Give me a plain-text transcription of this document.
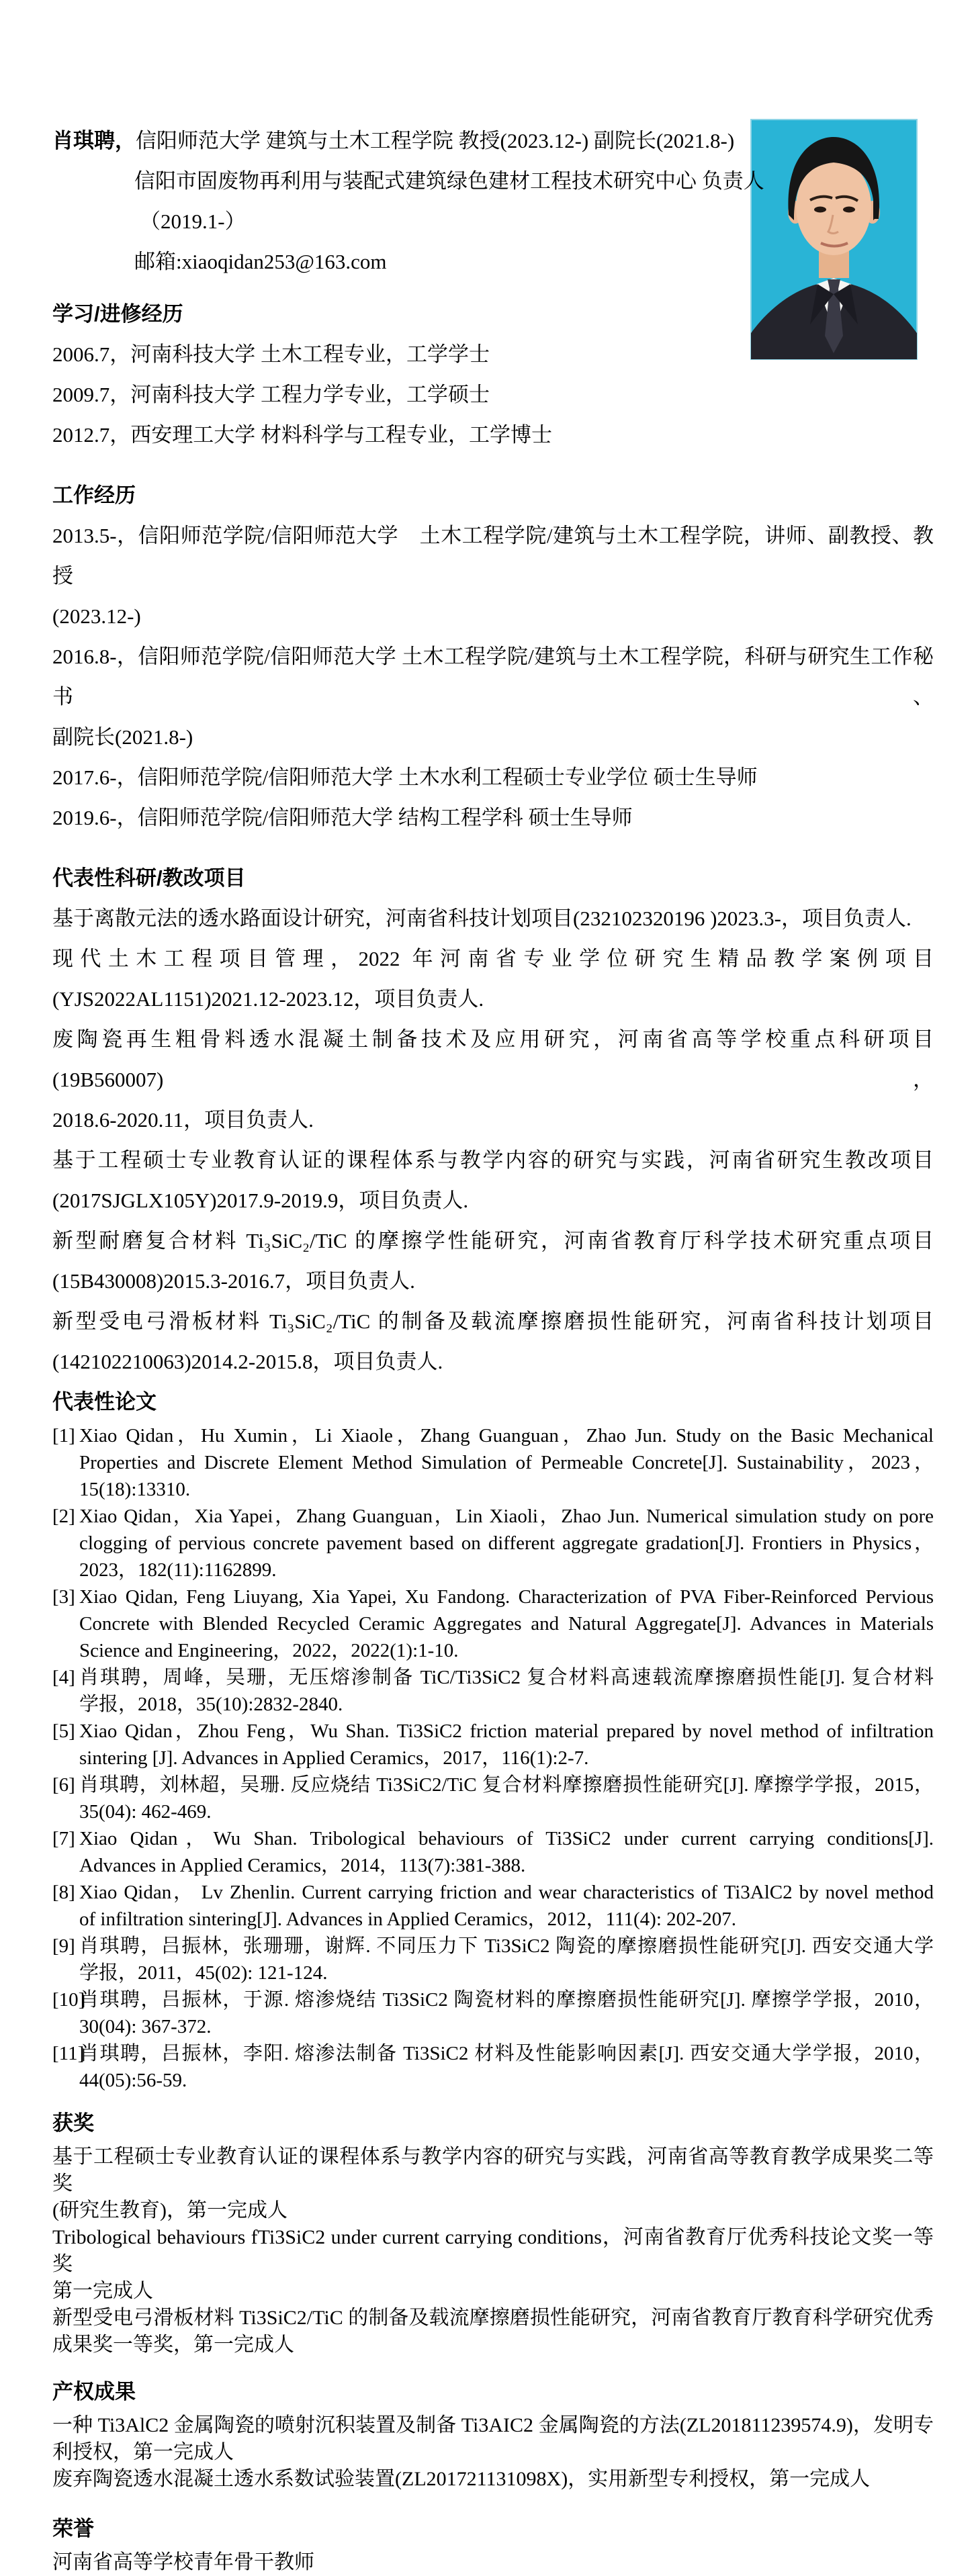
肖琪聘，信阳师范大学 建筑与土木工程学院 教授(2023.12-) 副院长(2021.8-)
信阳市固废物再利用与装配式建筑绿色建材工程技术研究中心 负责人
（2019.1-）
邮箱:xiaoqidan253@163.com
学习/进修经历
2006.7，河南科技大学 土木工程专业，工学学士
2009.7，河南科技大学 工程力学专业，工学硕士
2012.7，西安理工大学 材料科学与工程专业，工学博士
工作经历
2013.5-，信阳师范学院/信阳师范大学　土木工程学院/建筑与土木工程学院，讲师、副教授、教授
(2023.12-)
2016.8-，信阳师范学院/信阳师范大学 土木工程学院/建筑与土木工程学院，科研与研究生工作秘书、
副院长(2021.8-)
2017.6-，信阳师范学院/信阳师范大学 土木水利工程硕士专业学位 硕士生导师
2019.6-，信阳师范学院/信阳师范大学 结构工程学科 硕士生导师
代表性科研/教改项目
基于离散元法的透水路面设计研究，河南省科技计划项目(232102320196 )2023.3-，项目负责人.
现代土木工程项目管理，2022 年河南省专业学位研究生精品教学案例项目
(YJS2022AL1151)2021.12-2023.12，项目负责人.
废陶瓷再生粗骨料透水混凝土制备技术及应用研究，河南省高等学校重点科研项目(19B560007)，
2018.6-2020.11，项目负责人.
基于工程硕士专业教育认证的课程体系与教学内容的研究与实践，河南省研究生教改项目
(2017SJGLX105Y)2017.9-2019.9，项目负责人.
新型耐磨复合材料 Ti₃SiC₂/TiC 的摩擦学性能研究，河南省教育厅科学技术研究重点项目
(15B430008)2015.3-2016.7，项目负责人.
新型受电弓滑板材料 Ti₃SiC₂/TiC 的制备及载流摩擦磨损性能研究，河南省科技计划项目
(142102210063)2014.2-2015.8，项目负责人.
代表性论文
[1] Xiao Qidan，Hu Xumin，Li Xiaole，Zhang Guanguan，Zhao Jun. Study on the Basic Mechanical
Properties and Discrete Element Method Simulation of Permeable Concrete[J]. Sustainability，2023，
15(18):13310.
[2] Xiao Qidan，Xia Yapei，Zhang Guanguan，Lin Xiaoli，Zhao Jun. Numerical simulation study on pore
clogging of pervious concrete pavement based on different aggregate gradation[J]. Frontiers in Physics，
2023，182(11):1162899.
[3] Xiao Qidan, Feng Liuyang, Xia Yapei, Xu Fandong. Characterization of PVA Fiber-Reinforced Pervious
Concrete with Blended Recycled Ceramic Aggregates and Natural Aggregate[J]. Advances in Materials
Science and Engineering，2022，2022(1):1-10.
[4] 肖琪聘，周峰，吴珊，无压熔渗制备 TiC/Ti3SiC2 复合材料高速载流摩擦磨损性能[J]. 复合材料
学报，2018，35(10):2832-2840.
[5] Xiao Qidan，Zhou Feng，Wu Shan. Ti3SiC2 friction material prepared by novel method of infiltration
sintering [J]. Advances in Applied Ceramics，2017，116(1):2-7.
[6] 肖琪聘，刘林超，吴珊. 反应烧结 Ti3SiC2/TiC 复合材料摩擦磨损性能研究[J]. 摩擦学学报，2015，
35(04): 462-469.
[7] Xiao Qidan，Wu Shan. Tribological behaviours of Ti3SiC2 under current carrying conditions[J].
Advances in Applied Ceramics，2014，113(7):381-388.
[8] Xiao Qidan， Lv Zhenlin. Current carrying friction and wear characteristics of Ti3AlC2 by novel method
of infiltration sintering[J]. Advances in Applied Ceramics，2012，111(4): 202-207.
[9] 肖琪聘，吕振林，张珊珊，谢辉. 不同压力下 Ti3SiC2 陶瓷的摩擦磨损性能研究[J]. 西安交通大学
学报，2011，45(02): 121-124.
[10]
肖琪聘，吕振林，于源. 熔渗烧结 Ti3SiC2 陶瓷材料的摩擦磨损性能研究[J]. 摩擦学学报，2010，
30(04): 367-372.
[11]
肖琪聘，吕振林，李阳. 熔渗法制备 Ti3SiC2 材料及性能影响因素[J]. 西安交通大学学报，2010，
44(05):56-59.
获奖
基于工程硕士专业教育认证的课程体系与教学内容的研究与实践，河南省高等教育教学成果奖二等奖
(研究生教育)，第一完成人
Tribological behaviours fTi3SiC2 under current carrying conditions，河南省教育厅优秀科技论文奖一等奖
第一完成人
新型受电弓滑板材料 Ti3SiC2/TiC 的制备及载流摩擦磨损性能研究，河南省教育厅教育科学研究优秀
成果奖一等奖，第一完成人
产权成果
一种 Ti3AlC2 金属陶瓷的喷射沉积装置及制备 Ti3AIC2 金属陶瓷的方法(ZL201811239574.9)，发明专
利授权，第一完成人
废弃陶瓷透水混凝土透水系数试验装置(ZL201721131098X)，实用新型专利授权，第一完成人
荣誉
河南省高等学校青年骨干教师
